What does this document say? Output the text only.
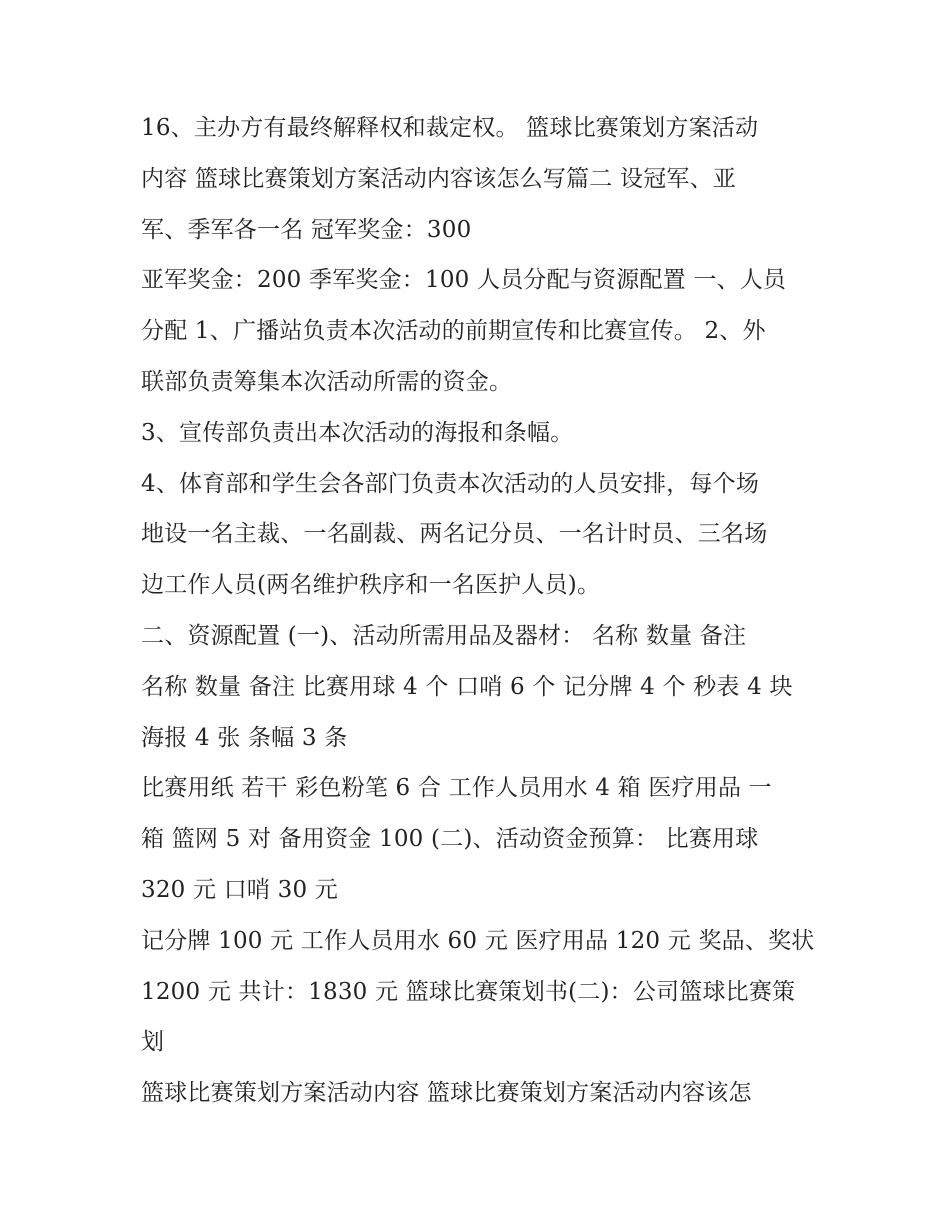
16、主办方有最终解释权和裁定权。 篮球比赛策划方案活动
内容 篮球比赛策划方案活动内容该怎么写篇二 设冠军、亚
军、季军各一名 冠军奖金：300
亚军奖金：200 季军奖金：100 人员分配与资源配置 一、人员
分配 1、广播站负责本次活动的前期宣传和比赛宣传。 2、外
联部负责筹集本次活动所需的资金。
3、宣传部负责出本次活动的海报和条幅。
4、体育部和学生会各部门负责本次活动的人员安排，每个场
地设一名主裁、一名副裁、两名记分员、一名计时员、三名场
边工作人员(两名维护秩序和一名医护人员)。
二、资源配置 (一)、活动所需用品及器材： 名称 数量 备注
名称 数量 备注 比赛用球 4 个 口哨 6 个 记分牌 4 个 秒表 4 块
海报 4 张 条幅 3 条
比赛用纸 若干 彩色粉笔 6 合 工作人员用水 4 箱 医疗用品 一
箱 篮网 5 对 备用资金 100 (二)、活动资金预算： 比赛用球
320 元 口哨 30 元
记分牌 100 元 工作人员用水 60 元 医疗用品 120 元 奖品、奖状
1200 元 共计：1830 元 篮球比赛策划书(二)：公司篮球比赛策
划
篮球比赛策划方案活动内容 篮球比赛策划方案活动内容该怎
